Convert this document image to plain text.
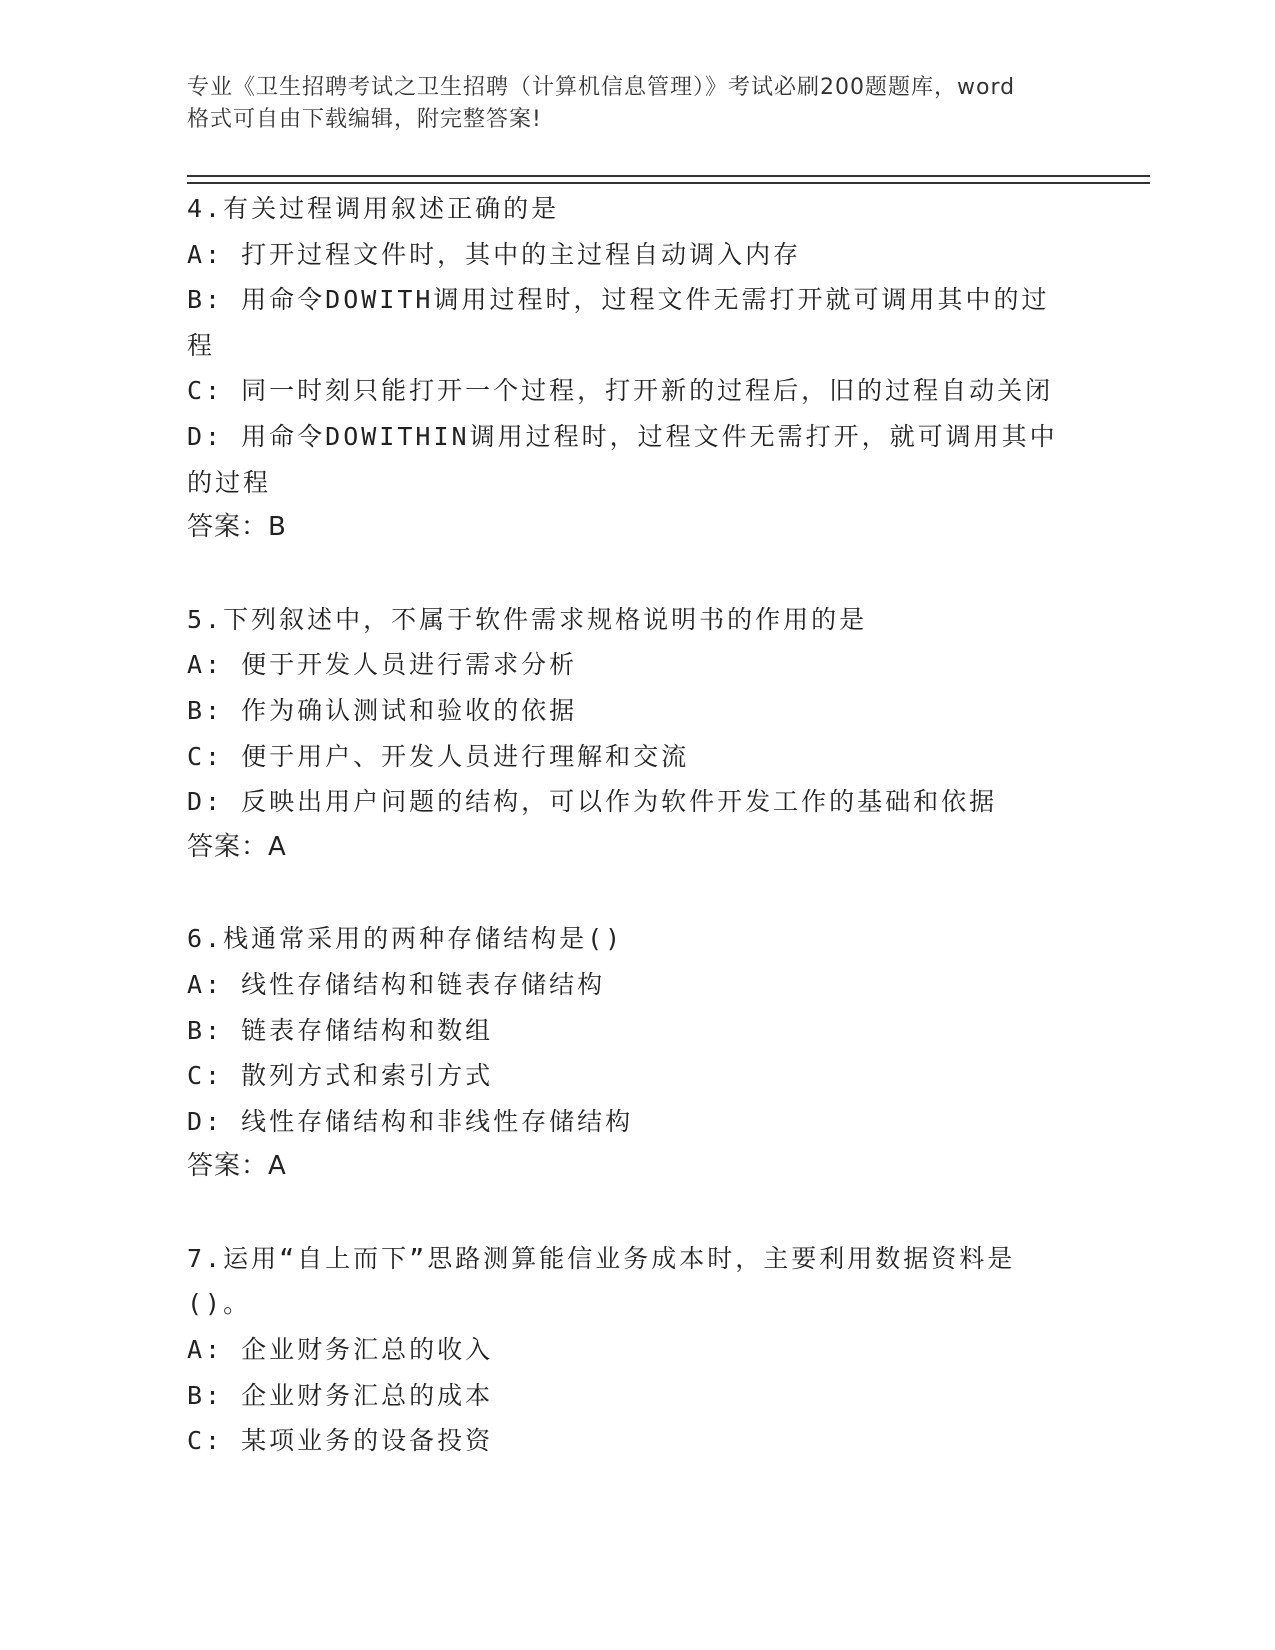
专业《卫生招聘考试之卫生招聘（计算机信息管理）》考试必刷200题题库，word
格式可自由下载编辑，附完整答案!
4.有关过程调用叙述正确的是
A: 打开过程文件时，其中的主过程自动调入内存
B: 用命令DOWITH调用过程时，过程文件无需打开就可调用其中的过
程
C: 同一时刻只能打开一个过程，打开新的过程后，旧的过程自动关闭
D: 用命令DOWITHIN调用过程时，过程文件无需打开，就可调用其中
的过程
答案：B
5.下列叙述中，不属于软件需求规格说明书的作用的是
A: 便于开发人员进行需求分析
B: 作为确认测试和验收的依据
C: 便于用户、开发人员进行理解和交流
D: 反映出用户问题的结构，可以作为软件开发工作的基础和依据
答案：A
6.栈通常采用的两种存储结构是()
A: 线性存储结构和链表存储结构
B: 链表存储结构和数组
C: 散列方式和索引方式
D: 线性存储结构和非线性存储结构
答案：A
7.运用“自上而下”思路测算能信业务成本时，主要利用数据资料是
()。
A: 企业财务汇总的收入
B: 企业财务汇总的成本
C: 某项业务的设备投资
